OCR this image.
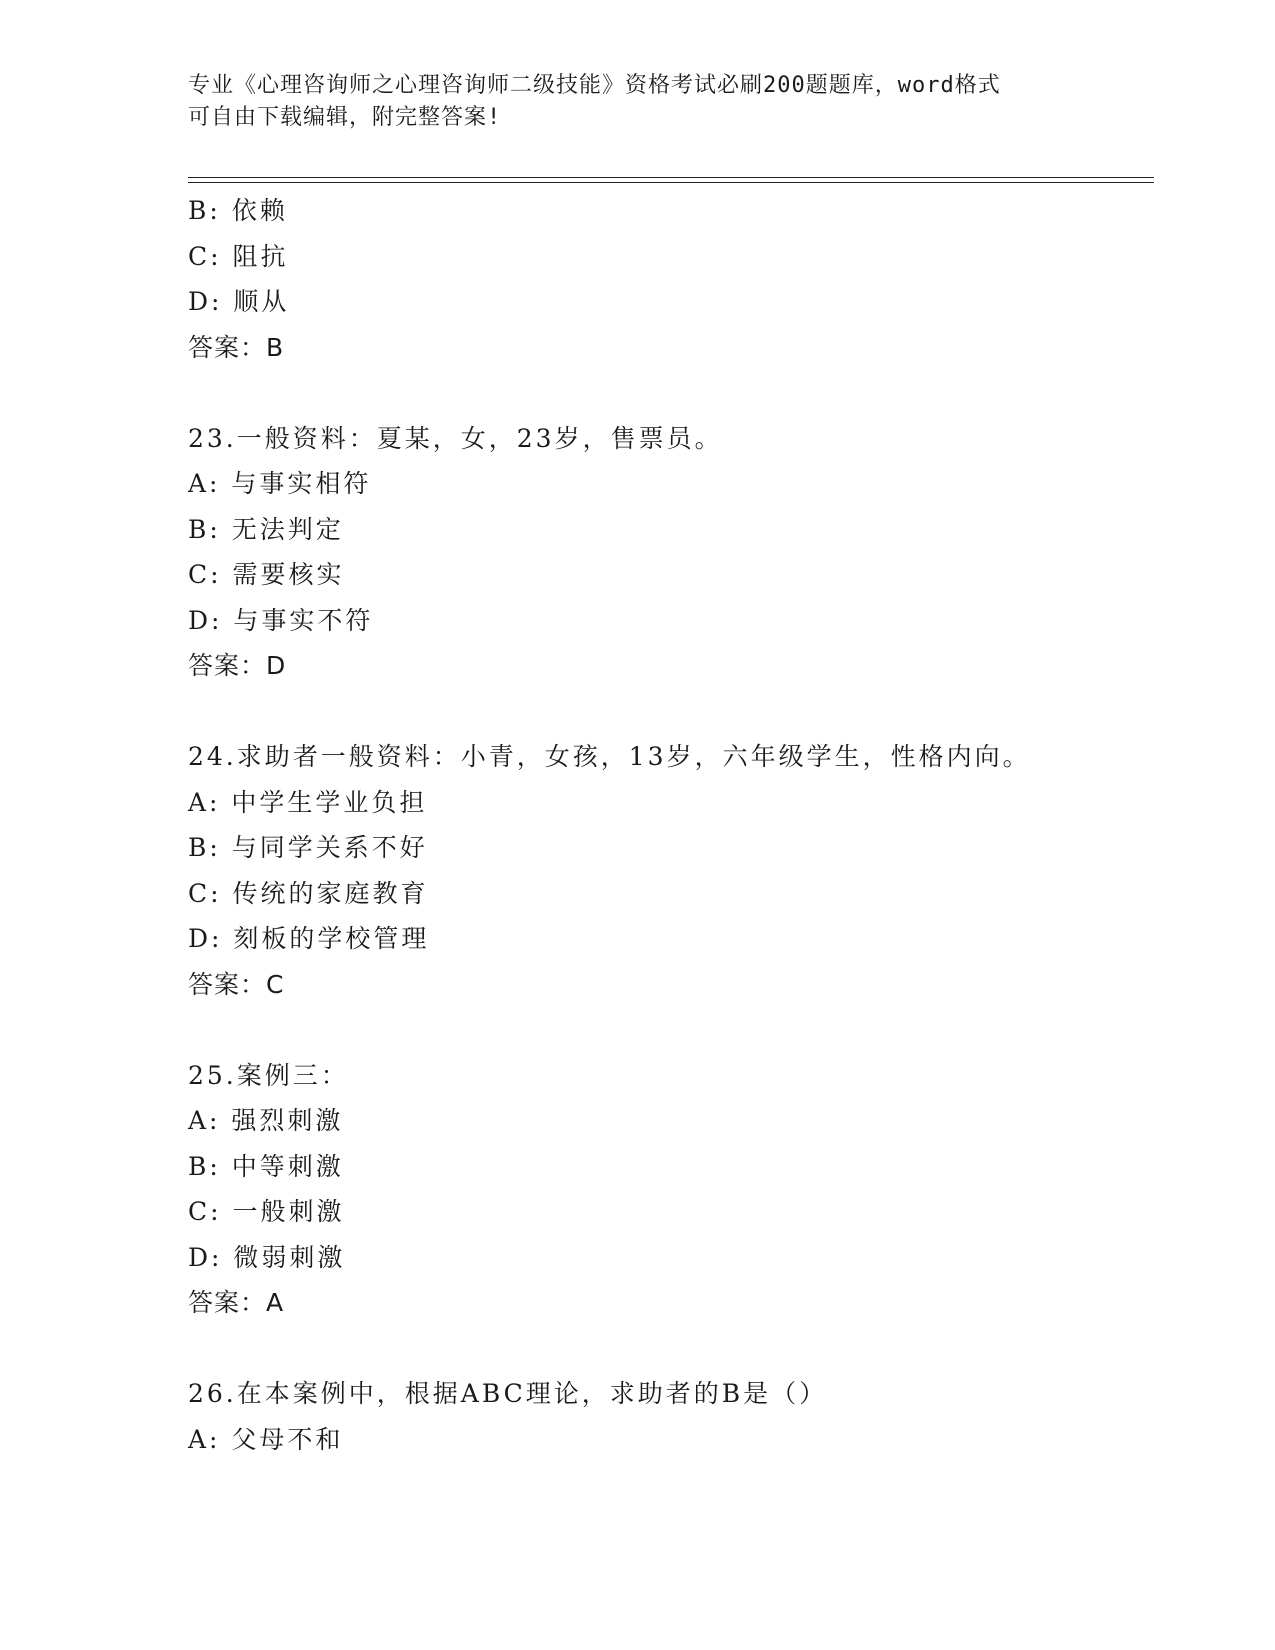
专业《心理咨询师之心理咨询师二级技能》资格考试必刷200题题库，word格式
可自由下载编辑，附完整答案!
B: 依赖
C: 阻抗
D: 顺从
答案：B
23.一般资料：夏某，女，23岁，售票员。
A: 与事实相符
B: 无法判定
C: 需要核实
D: 与事实不符
答案：D
24.求助者一般资料：小青，女孩，13岁，六年级学生，性格内向。
A: 中学生学业负担
B: 与同学关系不好
C: 传统的家庭教育
D: 刻板的学校管理
答案：C
25.案例三：
A: 强烈刺激
B: 中等刺激
C: 一般刺激
D: 微弱刺激
答案：A
26.在本案例中，根据ABC理论，求助者的B是（）
A: 父母不和
